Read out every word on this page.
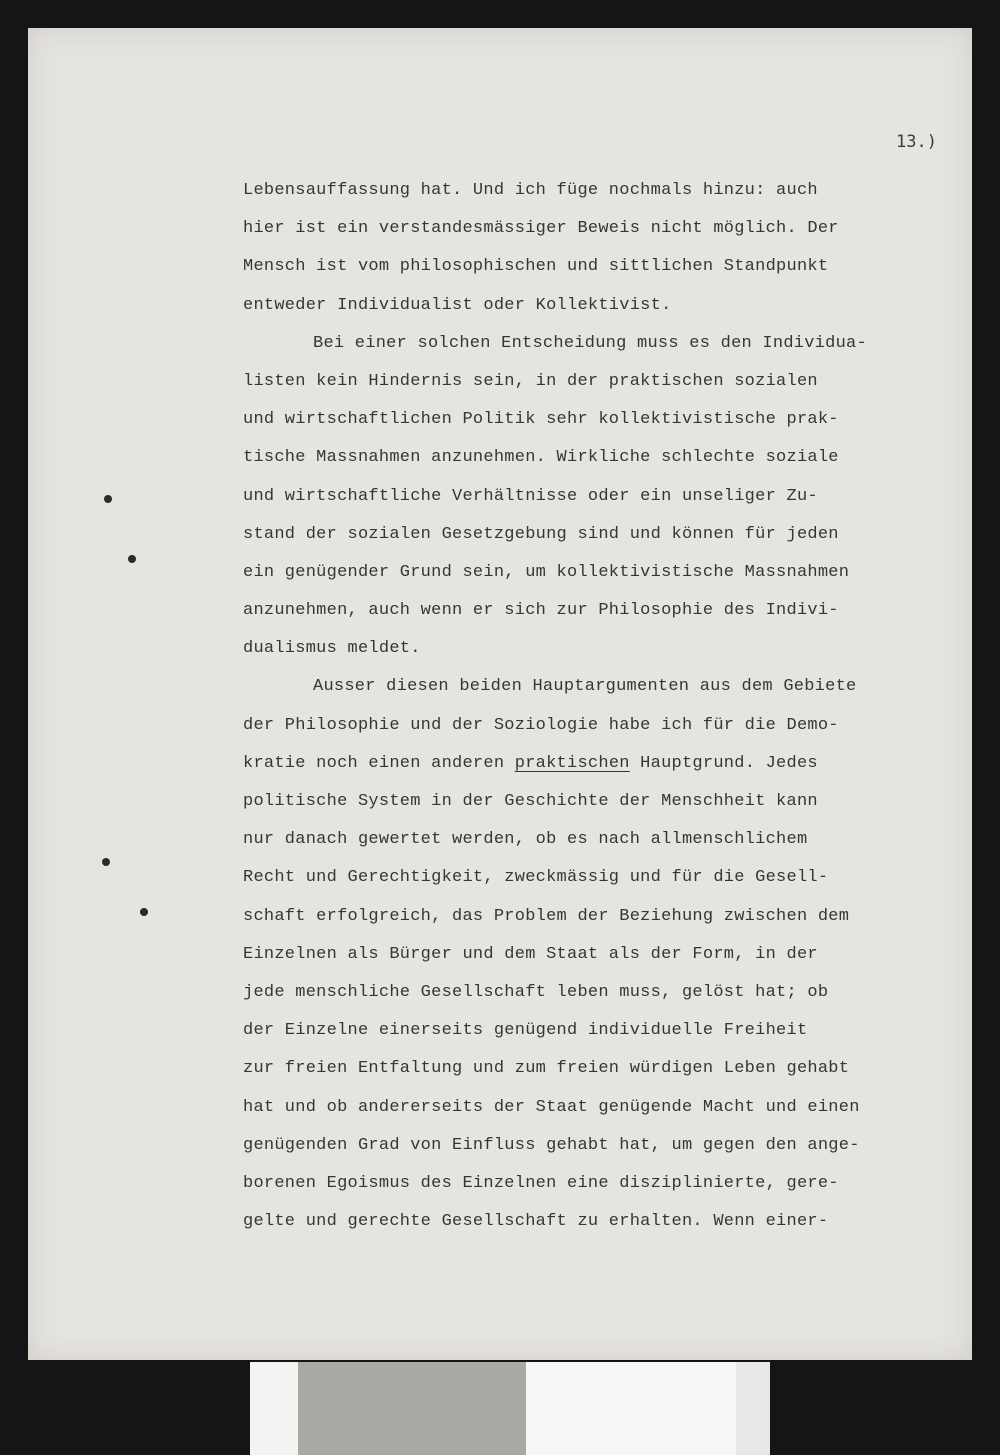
13.)
Lebensauffassung hat. Und ich füge nochmals hinzu: auch
hier ist ein verstandesmässiger Beweis nicht möglich. Der
Mensch ist vom philosophischen und sittlichen Standpunkt
entweder Individualist oder Kollektivist.
Bei einer solchen Entscheidung muss es den Individua-
listen kein Hindernis sein, in der praktischen sozialen
und wirtschaftlichen Politik sehr kollektivistische prak-
tische Massnahmen anzunehmen. Wirkliche schlechte soziale
und wirtschaftliche Verhältnisse oder ein unseliger Zu-
stand der sozialen Gesetzgebung sind und können für jeden
ein genügender Grund sein, um kollektivistische Massnahmen
anzunehmen, auch wenn er sich zur Philosophie des Indivi-
dualismus meldet.
Ausser diesen beiden Hauptargumenten aus dem Gebiete
der Philosophie und der Soziologie habe ich für die Demo-
kratie noch einen anderen praktischen Hauptgrund. Jedes
politische System in der Geschichte der Menschheit kann
nur danach gewertet werden, ob es nach allmenschlichem
Recht und Gerechtigkeit, zweckmässig und für die Gesell-
schaft erfolgreich, das Problem der Beziehung zwischen dem
Einzelnen als Bürger und dem Staat als der Form, in der
jede menschliche Gesellschaft leben muss, gelöst hat; ob
der Einzelne einerseits genügend individuelle Freiheit
zur freien Entfaltung und zum freien würdigen Leben gehabt
hat und ob andererseits der Staat genügende Macht und einen
genügenden Grad von Einfluss gehabt hat, um gegen den ange-
borenen Egoismus des Einzelnen eine disziplinierte, gere-
gelte und gerechte Gesellschaft zu erhalten. Wenn einer-
